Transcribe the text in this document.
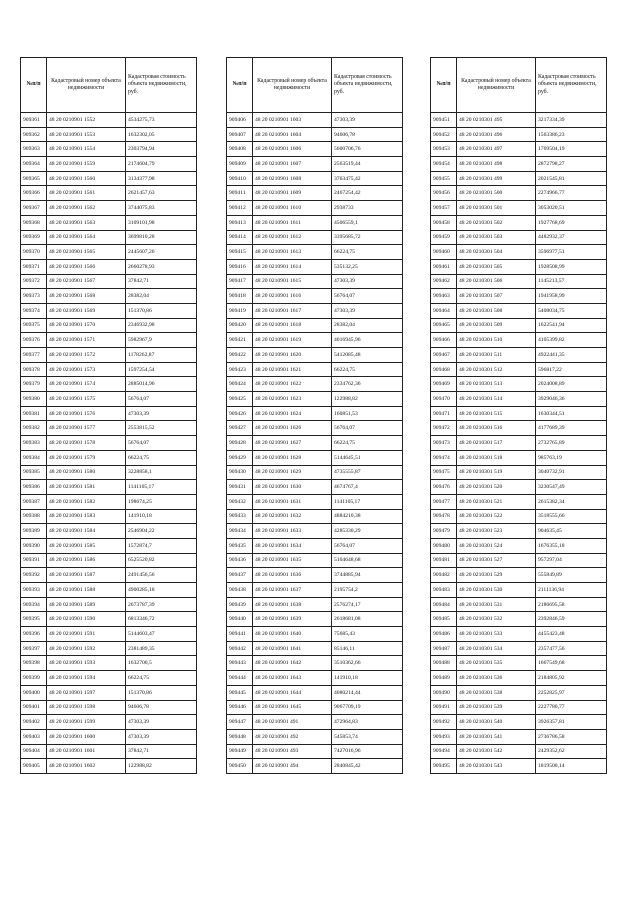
№п/п	Кадастровый номер объекта недвижимости	Кадастровая стоимость объекта недвижимости, руб.
909361	48 20 0210901 1552	4534275,73
909362	48 20 0210901 1553	1632302,05
909363	48 20 0210901 1554	2303794,94
909364	48 20 0210901 1559	2174604,79
909365	48 20 0210901 1560	3134377,98
909366	48 20 0210901 1561	2621457,63
909367	48 20 0210901 1562	3744075,83
909368	48 20 0210901 1563	3109101,98
909369	48 20 0210901 1564	3699810,28
909370	48 20 0210901 1565	2445607,26
909371	48 20 0210901 1566	2660278,93
909372	48 20 0210901 1567	37842,71
909373	48 20 0210901 1568	28382,04
909374	48 20 0210901 1569	151370,86
909375	48 20 0210901 1570	2346932,98
909376	48 20 0210901 1571	5982967,9
909377	48 20 0210901 1572	1178262,87
909378	48 20 0210901 1573	1597254,54
909379	48 20 0210901 1574	2885014,96
909380	48 20 0210901 1575	56764,07
909381	48 20 0210901 1576	47303,39
909382	48 20 0210901 1577	2553815,52
909383	48 20 0210901 1578	56764,07
909384	48 20 0210901 1579	66224,75
909385	48 20 0210901 1580	3228858,1
909386	48 20 0210901 1581	1141105,17
909387	48 20 0210901 1582	198674,25
909388	48 20 0210901 1583	141910,18
909389	48 20 0210901 1584	2546904,22
909390	48 20 0210901 1585	1572874,7
909391	48 20 0210901 1586	6525520,82
909392	48 20 0210901 1587	2491456,56
909393	48 20 0210901 1588	4900285,18
909394	48 20 0210901 1589	2673787,39
909395	48 20 0210901 1590	6813346,72
909396	48 20 0210901 1591	5144603,47
909397	48 20 0210901 1592	2381489,35
909398	48 20 0210901 1593	1632700,5
909399	48 20 0210901 1594	66224,75
909400	48 20 0210901 1597	151370,86
909401	48 20 0210901 1598	94606,78
909402	48 20 0210901 1599	47303,39
909403	48 20 0210901 1600	47303,39
909404	48 20 0210901 1601	37842,71
909405	48 20 0210901 1602	122988,82
№п/п	Кадастровый номер объекта недвижимости	Кадастровая стоимость объекта недвижимости, руб.
909406	48 20 0210901 1603	47303,39
909407	48 20 0210901 1604	94606,78
909408	48 20 0210901 1606	5600706,76
909409	48 20 0210901 1607	2563519,44
909410	48 20 0210901 1608	3763475,42
909411	48 20 0210901 1609	2467254,42
909412	48 20 0210901 1610	2938733
909413	48 20 0210901 1611	4506559,1
909414	48 20 0210901 1612	3395685,72
909415	48 20 0210901 1613	66224,75
909416	48 20 0210901 1614	535132,25
909417	48 20 0210901 1615	47303,39
909418	48 20 0210901 1616	56764,07
909419	48 20 0210901 1617	47303,39
909420	48 20 0210901 1618	28382,04
909421	48 20 0210901 1619	4016945,96
909422	48 20 0210901 1620	5412085,48
909423	48 20 0210901 1621	66224,75
909424	48 20 0210901 1622	2334762,36
909425	48 20 0210901 1623	122988,82
909426	48 20 0210901 1624	160851,53
909427	48 20 0210901 1626	56764,07
909428	48 20 0210901 1627	66224,75
909429	48 20 0210901 1628	5144645,51
909430	48 20 0210901 1629	4735555,87
909431	48 20 0210901 1630	4674767,4
909432	48 20 0210901 1631	1141105,17
909433	48 20 0210901 1632	4884210,38
909434	48 20 0210901 1633	4285330,29
909435	48 20 0210901 1634	56764,07
909436	48 20 0210901 1635	5104648,68
909437	48 20 0210901 1636	3744885,94
909438	48 20 0210901 1637	2195754,2
909439	48 20 0210901 1638	2576274,17
909440	48 20 0210901 1639	2618681,08
909441	48 20 0210901 1640	75685,43
909442	48 20 0210901 1641	85146,11
909443	48 20 0210901 1642	3510362,66
909444	48 20 0210901 1643	141910,18
909445	48 20 0210901 1644	4080214,44
909446	48 20 0210901 1645	9067709,19
909447	48 20 0210901 491	472964,83
909448	48 20 0210901 492	545853,74
909449	48 20 0210901 493	7427016,96
909450	48 20 0210901 494	2840845,42
№п/п	Кадастровый номер объекта недвижимости	Кадастровая стоимость объекта недвижимости, руб.
909451	48 20 0210301 495	3217334,39
909452	48 20 0210301 496	1563386,23
909453	48 20 0210301 497	1769504,19
909454	48 20 0210301 498	2872798,27
909455	48 20 0210301 499	2021545,81
909456	48 20 0210301 500	2274966,77
909457	48 20 0210301 501	3053020,51
909458	48 20 0210301 502	1927768,69
909459	48 20 0210301 503	4482932,37
909460	48 20 0210301 504	3596977,51
909461	48 20 0210301 505	1928508,99
909462	48 20 0210301 506	1145213,57
909463	48 20 0210301 507	1941958,99
909464	48 20 0210301 508	5408034,75
909465	48 20 0210301 509	1622541,94
909466	48 20 0210301 510	4105399,82
909467	48 20 0210301 511	4922441,35
909468	48 20 0210301 512	596817,22
909469	48 20 0210301 513	2024008,89
909470	48 20 0210301 514	3929046,36
909471	48 20 0210301 515	1630344,51
909472	48 20 0210301 516	4177689,39
909473	48 20 0210301 517	2732765,89
909474	48 20 0210301 518	985763,19
909475	48 20 0210301 519	3040732,91
909476	48 20 0210301 520	3230547,49
909477	48 20 0210301 521	2615382,34
909478	48 20 0210301 522	3518555,66
909479	48 20 0210301 523	904635,45
909480	48 20 0210301 524	1676355,18
909481	48 20 0210301 527	957297,04
909482	48 20 0210301 529	555849,89
909483	48 20 0210301 530	2111136,94
909484	48 20 0210301 531	2186695,58
909485	48 20 0210301 532	2392846,59
909486	48 20 0210301 533	4455423,48
909487	48 20 0210301 534	2357477,56
909488	48 20 0210301 535	1667549,68
909489	48 20 0210301 536	2184805,92
909490	48 20 0210301 538	2252825,97
909491	48 20 0210301 539	2227780,77
909492	48 20 0210301 540	3926357,81
909493	48 20 0210301 541	2736786,58
909494	48 20 0210301 542	2429352,62
909495	48 20 0210301 543	1819500,14
